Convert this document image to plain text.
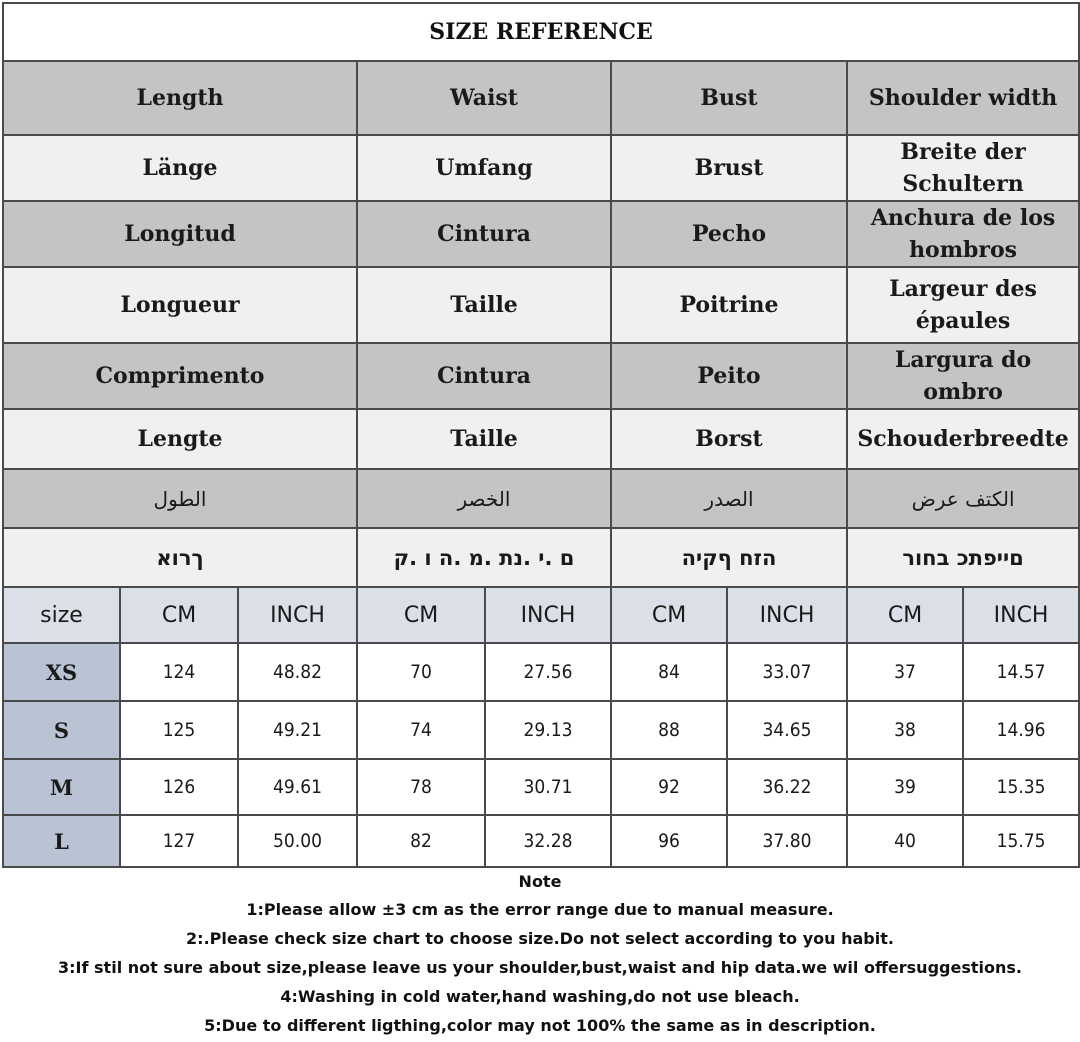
SIZE REFERENCE								
Length			Waist		Bust		Shoulder width	
Länge			Umfang		Brust		Breite der Schultern	
Longitud			Cintura		Pecho		Anchura de los hombros	
Longueur			Taille		Poitrine		Largeur des épaules	
Comprimento			Cintura		Peito		Largura do ombro	
Lengte			Taille		Borst		Schouderbreedte	
الطول			الخصر		الصدر		الكتف عرض	
ךרוא			ם .י .נת .מ .ה ו .ק		הזח ףקיה		םייפתכ בחור	
size	CM	INCH	CM	INCH	CM	INCH	CM	INCH
XS	124	48.82	70	27.56	84	33.07	37	14.57
S	125	49.21	74	29.13	88	34.65	38	14.96
M	126	49.61	78	30.71	92	36.22	39	15.35
L	127	50.00	82	32.28	96	37.80	40	15.75
Note
1:Please allow ±3 cm as the error range due to manual measure.
2:.Please check size chart to choose size.Do not select according to you habit.
3:If stil not sure about size,please leave us your shoulder,bust,waist and hip data.we wil offersuggestions.
4:Washing in cold water,hand washing,do not use bleach.
5:Due to different ligthing,color may not 100% the same as in description.
